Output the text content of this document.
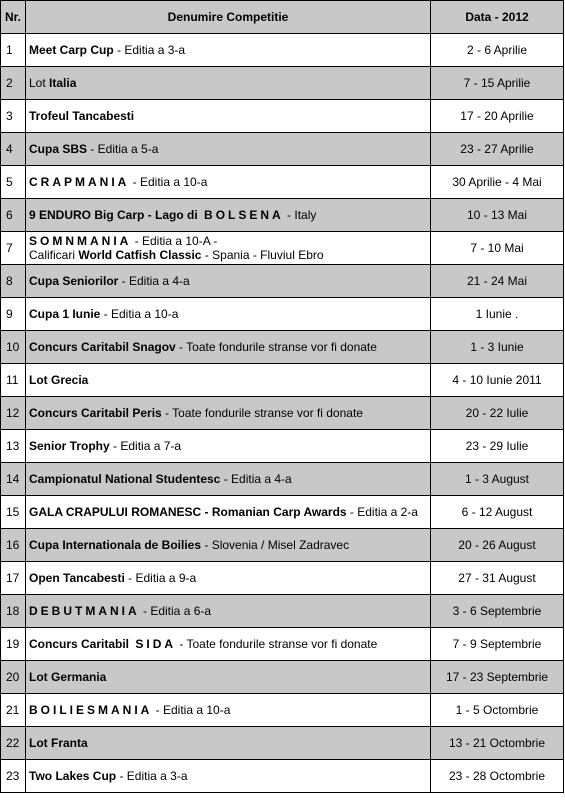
Nr.	Denumire Competitie	Data - 2012
1	Meet Carp Cup - Editia a 3-a	2 - 6 Aprilie
2	Lot Italia	7 - 15 Aprilie
3	Trofeul Tancabesti	17 - 20 Aprilie
4	Cupa SBS - Editia a 5-a	23 - 27 Aprilie
5	CRAPMANIA - Editia a 10-a	30 Aprilie - 4 Mai
6	9 ENDURO Big Carp - Lago di BOLSENA - Italy	10 - 13 Mai
7	SOMNMANIA - Editia a 10-A -
Calificari World Catfish Classic - Spania - Fluviul Ebro	7 - 10 Mai
8	Cupa Seniorilor - Editia a 4-a	21 - 24 Mai
9	Cupa 1 Iunie - Editia a 10-a	1 Iunie .
10	Concurs Caritabil Snagov - Toate fondurile stranse vor fi donate	1 - 3 Iunie
11	Lot Grecia	4 - 10 Iunie 2011
12	Concurs Caritabil Peris - Toate fondurile stranse vor fi donate	20 - 22 Iulie
13	Senior Trophy - Editia a 7-a	23 - 29 Iulie
14	Campionatul National Studentesc - Editia a 4-a	1 - 3 August
15	GALA CRAPULUI ROMANESC - Romanian Carp Awards - Editia a 2-a	6 - 12 August
16	Cupa Internationala de Boilies - Slovenia / Misel Zadravec	20 - 26 August
17	Open Tancabesti - Editia a 9-a	27 - 31 August
18	DEBUTMANIA - Editia a 6-a	3 - 6 Septembrie
19	Concurs Caritabil SIDA - Toate fondurile stranse vor fi donate	7 - 9 Septembrie
20	Lot Germania	17 - 23 Septembrie
21	BOILIESMANIA - Editia a 10-a	1 - 5 Octombrie
22	Lot Franta	13 - 21 Octombrie
23	Two Lakes Cup - Editia a 3-a	23 - 28 Octombrie
